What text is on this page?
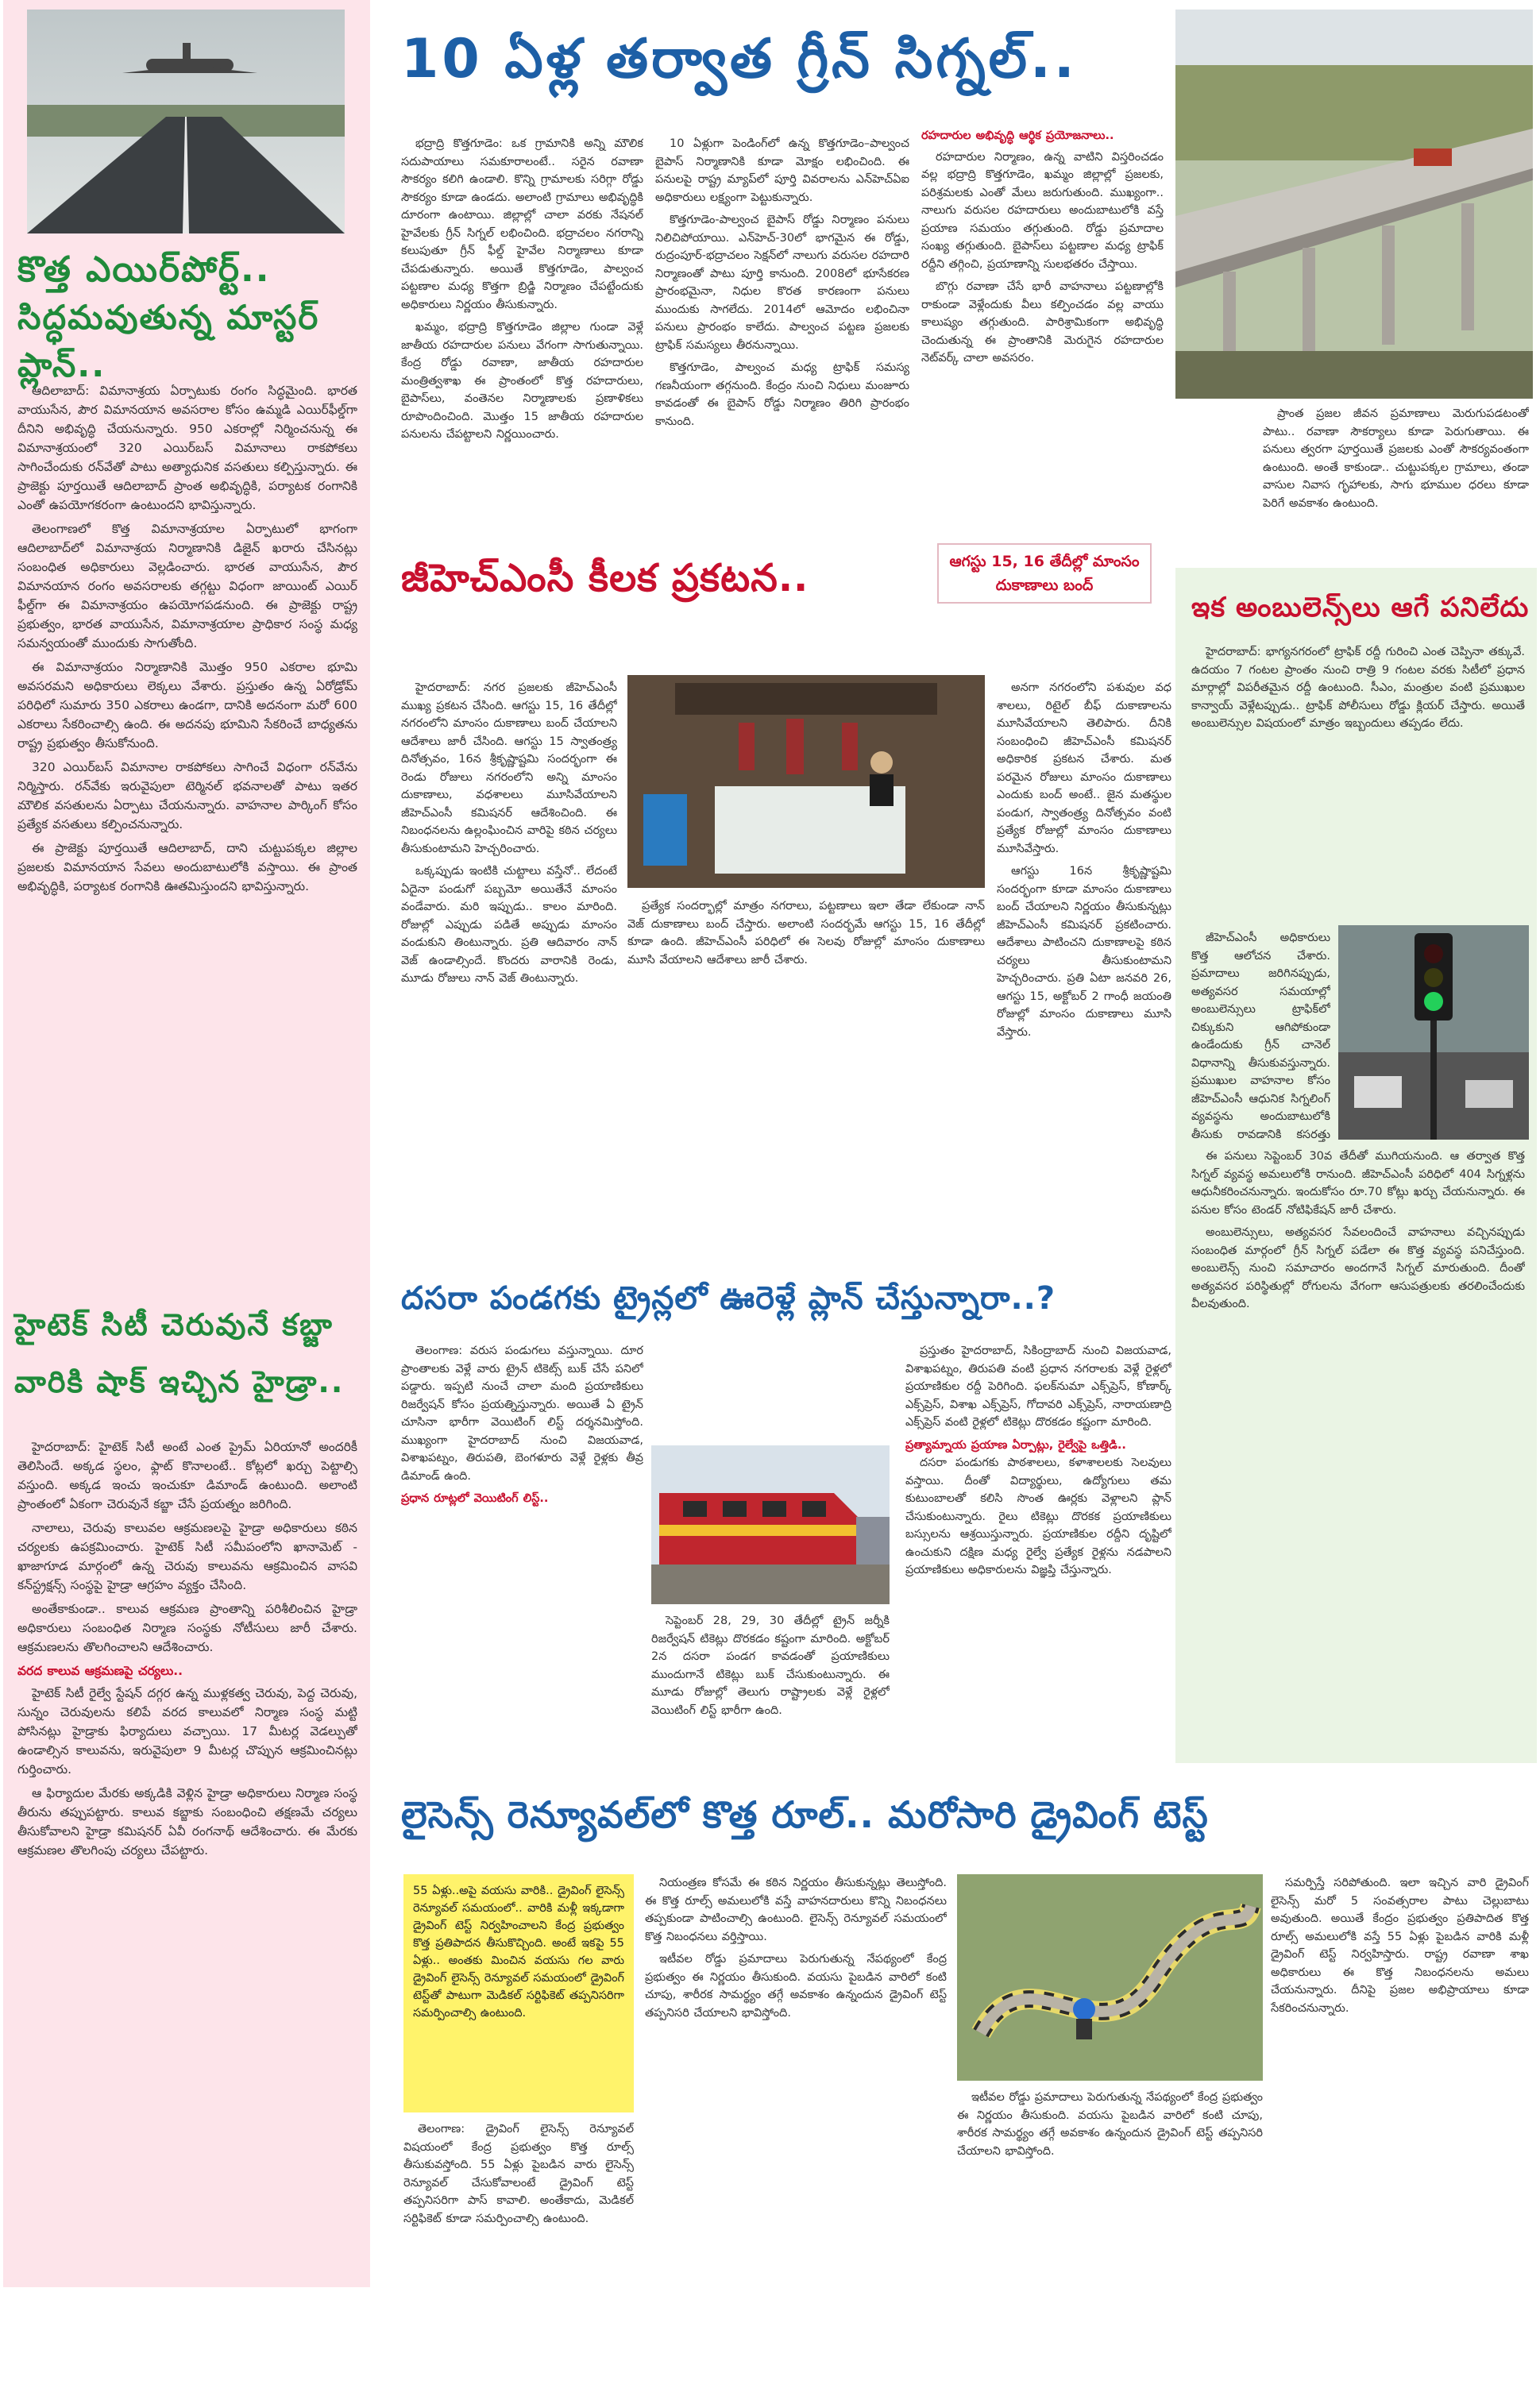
కొత్త ఎయిర్‌పోర్ట్..
సిద్ధమవుతున్న మాస్టర్ ప్లాన్..

ఆదిలాబాద్: విమానాశ్రయ ఏర్పాటుకు రంగం సిద్ధమైంది. భారత వాయుసేన, పౌర విమానయాన అవసరాల కోసం ఉమ్మడి ఎయిర్‌ఫీల్డ్‌గా దీనిని అభివృద్ధి చేయనున్నారు. 950 ఎకరాల్లో నిర్మించనున్న ఈ విమానాశ్రయంలో 320 ఎయిర్‌బస్ విమానాలు రాకపోకలు సాగించేందుకు రన్‌వేతో పాటు అత్యాధునిక వసతులు కల్పిస్తున్నారు. ఈ ప్రాజెక్టు పూర్తయితే ఆదిలాబాద్ ప్రాంత అభివృద్ధికి, పర్యాటక రంగానికి ఎంతో ఉపయోగకరంగా ఉంటుందని భావిస్తున్నారు.

తెలంగాణలో కొత్త విమానాశ్రయాల ఏర్పాటులో భాగంగా ఆదిలాబాద్‌లో విమానాశ్రయ నిర్మాణానికి డిజైన్ ఖరారు చేసినట్లు సంబంధిత అధికారులు వెల్లడించారు. భారత వాయుసేన, పౌర విమానయాన రంగం అవసరాలకు తగ్గట్టు విధంగా జాయింట్ ఎయిర్ ఫీల్డ్‌గా ఈ విమానాశ్రయం ఉపయోగపడనుంది. ఈ ప్రాజెక్టు రాష్ట్ర ప్రభుత్వం, భారత వాయుసేన, విమానాశ్రయాల ప్రాధికార సంస్థ మధ్య సమన్వయంతో ముందుకు సాగుతోంది.

ఈ విమానాశ్రయం నిర్మాణానికి మొత్తం 950 ఎకరాల భూమి అవసరమని అధికారులు లెక్కలు వేశారు. ప్రస్తుతం ఉన్న ఏరోడ్రోమ్ పరిధిలో సుమారు 350 ఎకరాలు ఉండగా, దానికి అదనంగా మరో 600 ఎకరాలు సేకరించాల్సి ఉంది. ఈ అదనపు భూమిని సేకరించే బాధ్యతను రాష్ట్ర ప్రభుత్వం తీసుకోనుంది.

320 ఎయిర్‌బస్ విమానాల రాకపోకలు సాగించే విధంగా రన్‌వేను నిర్మిస్తారు. రన్‌వేకు ఇరువైపులా టెర్మినల్ భవనాలతో పాటు ఇతర మౌలిక వసతులను ఏర్పాటు చేయనున్నారు. వాహనాల పార్కింగ్ కోసం ప్రత్యేక వసతులు కల్పించనున్నారు.

ఈ ప్రాజెక్టు పూర్తయితే ఆదిలాబాద్, దాని చుట్టుపక్కల జిల్లాల ప్రజలకు విమానయాన సేవలు అందుబాటులోకి వస్తాయి. ఈ ప్రాంత అభివృద్ధికి, పర్యాటక రంగానికి ఊతమిస్తుందని భావిస్తున్నారు.

హైటెక్ సిటీ చెరువునే కబ్జా
వారికి షాక్ ఇచ్చిన హైడ్రా..

హైదరాబాద్: హైటెక్ సిటీ అంటే ఎంత ప్రైమ్ ఏరియానో అందరికీ తెలిసిందే. అక్కడ స్థలం, ఫ్లాట్ కొనాలంటే.. కోట్లలో ఖర్చు పెట్టాల్సి వస్తుంది. అక్కడ ఇంచు ఇంచుకూ డిమాండ్ ఉంటుంది. అలాంటి ప్రాంతంలో ఏకంగా చెరువునే కబ్జా చేసే ప్రయత్నం జరిగింది.

నాలాలు, చెరువు కాలువల ఆక్రమణలపై హైడ్రా అధికారులు కఠిన చర్యలకు ఉపక్రమించారు. హైటెక్ సిటీ సమీపంలోని ఖానామెట్ - ఖాజాగూడ మార్గంలో ఉన్న చెరువు కాలువను ఆక్రమించిన వాసవి కన్‌స్ట్రక్షన్స్ సంస్థపై హైడ్రా ఆగ్రహం వ్యక్తం చేసింది.

అంతేకాకుండా.. కాలువ ఆక్రమణ ప్రాంతాన్ని పరిశీలించిన హైడ్రా అధికారులు సంబంధిత నిర్మాణ సంస్థకు నోటీసులు జారీ చేశారు. ఆక్రమణలను తొలగించాలని ఆదేశించారు.

వరద కాలువ ఆక్రమణపై చర్యలు..

హైటెక్ సిటీ రైల్వే స్టేషన్ దగ్గర ఉన్న ముళ్లకత్వ చెరువు, పెద్ద చెరువు, సున్నం చెరువులను కలిపే వరద కాలువలో నిర్మాణ సంస్థ మట్టి పోసినట్లు హైడ్రాకు ఫిర్యాదులు వచ్చాయి. 17 మీటర్ల వెడల్పుతో ఉండాల్సిన కాలువను, ఇరువైపులా 9 మీటర్ల చొప్పున ఆక్రమించినట్లు గుర్తించారు.

ఆ ఫిర్యాదుల మేరకు అక్కడికి వెళ్లిన హైడ్రా అధికారులు నిర్మాణ సంస్థ తీరును తప్పుపట్టారు. కాలువ కబ్జాకు సంబంధించి తక్షణమే చర్యలు తీసుకోవాలని హైడ్రా కమిషనర్ ఏవీ రంగనాథ్ ఆదేశించారు. ఈ మేరకు ఆక్రమణల తొలగింపు చర్యలు చేపట్టారు.

10 ఏళ్ల తర్వాత గ్రీన్ సిగ్నల్..

భద్రాద్రి కొత్తగూడెం: ఒక గ్రామానికి అన్ని మౌలిక సదుపాయాలు సమకూరాలంటే.. సరైన రవాణా సౌకర్యం కలిగి ఉండాలి. కొన్ని గ్రామాలకు సరిగ్గా రోడ్డు సౌకర్యం కూడా ఉండదు. అలాంటి గ్రామాలు అభివృద్ధికి దూరంగా ఉంటాయి. జిల్లాల్లో చాలా వరకు నేషనల్ హైవేలకు గ్రీన్ సిగ్నల్ లభించింది. భద్రాచలం నగరాన్ని కలుపుతూ గ్రీన్ ఫీల్డ్ హైవేల నిర్మాణాలు కూడా చేపడుతున్నారు. అయితే కొత్తగూడెం, పాల్వంచ పట్టణాల మధ్య కొత్తగా బ్రిడ్జి నిర్మాణం చేపట్టేందుకు అధికారులు నిర్ణయం తీసుకున్నారు.

ఖమ్మం, భద్రాద్రి కొత్తగూడెం జిల్లాల గుండా వెళ్లే జాతీయ రహదారుల పనులు వేగంగా సాగుతున్నాయి. కేంద్ర రోడ్డు రవాణా, జాతీయ రహదారుల మంత్రిత్వశాఖ ఈ ప్రాంతంలో కొత్త రహదారులు, బైపాస్‌లు, వంతెనల నిర్మాణాలకు ప్రణాళికలు రూపొందించింది. మొత్తం 15 జాతీయ రహదారుల పనులను చేపట్టాలని నిర్ణయించారు.

10 ఏళ్లుగా పెండింగ్‌లో ఉన్న కొత్తగూడెం–పాల్వంచ బైపాస్ నిర్మాణానికి కూడా మోక్షం లభించింది. ఈ పనులపై రాష్ట్ర మ్యాప్‌లో పూర్తి వివరాలను ఎన్‌హెచ్ఏఐ అధికారులు లక్ష్యంగా పెట్టుకున్నారు.

కొత్తగూడెం-పాల్వంచ బైపాస్ రోడ్డు నిర్మాణం పనులు నిలిచిపోయాయి. ఎన్‌హెచ్-30లో భాగమైన ఈ రోడ్డు, రుద్రంపూర్-భద్రాచలం సెక్షన్‌లో నాలుగు వరుసల రహదారి నిర్మాణంతో పాటు పూర్తి కానుంది. 2008లో భూసేకరణ ప్రారంభమైనా, నిధుల కొరత కారణంగా పనులు ముందుకు సాగలేదు. 2014లో ఆమోదం లభించినా పనులు ప్రారంభం కాలేదు. పాల్వంచ పట్టణ ప్రజలకు ట్రాఫిక్ సమస్యలు తీరనున్నాయి.

కొత్తగూడెం, పాల్వంచ మధ్య ట్రాఫిక్ సమస్య గణనీయంగా తగ్గనుంది. కేంద్రం నుంచి నిధులు మంజూరు కావడంతో ఈ బైపాస్ రోడ్డు నిర్మాణం తిరిగి ప్రారంభం కానుంది.

రహదారుల అభివృద్ధి ఆర్థిక ప్రయోజనాలు..

రహదారుల నిర్మాణం, ఉన్న వాటిని విస్తరించడం వల్ల భద్రాద్రి కొత్తగూడెం, ఖమ్మం జిల్లాల్లో ప్రజలకు, పరిశ్రమలకు ఎంతో మేలు జరుగుతుంది. ముఖ్యంగా.. నాలుగు వరుసల రహదారులు అందుబాటులోకి వస్తే ప్రయాణ సమయం తగ్గుతుంది. రోడ్డు ప్రమాదాల సంఖ్య తగ్గుతుంది. బైపాస్‌లు పట్టణాల మధ్య ట్రాఫిక్ రద్దీని తగ్గించి, ప్రయాణాన్ని సులభతరం చేస్తాయి.

బొగ్గు రవాణా చేసే భారీ వాహనాలు పట్టణాల్లోకి రాకుండా వెళ్లేందుకు వీలు కల్పించడం వల్ల వాయు కాలుష్యం తగ్గుతుంది. పారిశ్రామికంగా అభివృద్ధి చెందుతున్న ఈ ప్రాంతానికి మెరుగైన రహదారుల నెట్‌వర్క్ చాలా అవసరం.

ప్రాంత ప్రజల జీవన ప్రమాణాలు మెరుగుపడటంతో పాటు.. రవాణా సౌకర్యాలు కూడా పెరుగుతాయి. ఈ పనులు త్వరగా పూర్తయితే ప్రజలకు ఎంతో సౌకర్యవంతంగా ఉంటుంది. అంతే కాకుండా.. చుట్టుపక్కల గ్రామాలు, తండా వాసుల నివాస గృహాలకు, సాగు భూముల ధరలు కూడా పెరిగే అవకాశం ఉంటుంది.

జీహెచ్ఎంసీ కీలక ప్రకటన..	ఆగస్టు 15, 16 తేదీల్లో మాంసం దుకాణాలు బంద్

హైదరాబాద్: నగర ప్రజలకు జీహెచ్ఎంసీ ముఖ్య ప్రకటన చేసింది. ఆగస్టు 15, 16 తేదీల్లో నగరంలోని మాంసం దుకాణాలు బంద్ చేయాలని ఆదేశాలు జారీ చేసింది. ఆగస్టు 15 స్వాతంత్ర్య దినోత్సవం, 16న శ్రీకృష్ణాష్టమి సందర్భంగా ఈ రెండు రోజులు నగరంలోని అన్ని మాంసం దుకాణాలు, వధశాలలు మూసివేయాలని జీహెచ్ఎంసీ కమిషనర్ ఆదేశించింది. ఈ నిబంధనలను ఉల్లంఘించిన వారిపై కఠిన చర్యలు తీసుకుంటామని హెచ్చరించారు.

ఒక్కప్పుడు ఇంటికి చుట్టాలు వస్తేనో.. లేదంటే ఏదైనా పండుగో పబ్బమో అయితేనే మాంసం వండేవారు. మరి ఇప్పుడు.. కాలం మారింది. రోజుల్లో ఎప్పుడు పడితే అప్పుడు మాంసం వండుకుని తింటున్నారు. ప్రతి ఆదివారం నాన్ వెజ్ ఉండాల్సిందే. కొందరు వారానికి రెండు, మూడు రోజులు నాన్ వెజ్ తింటున్నారు.

ప్రత్యేక సందర్భాల్లో మాత్రం నగరాలు, పట్టణాలు ఇలా తేడా లేకుండా నాన్ వెజ్ దుకాణాలు బంద్ చేస్తారు. అలాంటి సందర్భమే ఆగస్టు 15, 16 తేదీల్లో కూడా ఉంది. జీహెచ్ఎంసీ పరిధిలో ఈ సెలవు రోజుల్లో మాంసం దుకాణాలు మూసి వేయాలని ఆదేశాలు జారీ చేశారు.

అనగా నగరంలోని పశువుల వధ శాలలు, రిటైల్ బీఫ్ దుకాణాలను మూసివేయాలని తెలిపారు. దీనికి సంబంధించి జీహెచ్ఎంసీ కమిషనర్ అధికారిక ప్రకటన చేశారు. మత పరమైన రోజులు మాంసం దుకాణాలు ఎందుకు బంద్ అంటే.. జైన మతస్థుల పండుగ, స్వాతంత్ర్య దినోత్సవం వంటి ప్రత్యేక రోజుల్లో మాంసం దుకాణాలు మూసివేస్తారు.

ఆగస్టు 16న శ్రీకృష్ణాష్టమి సందర్భంగా కూడా మాంసం దుకాణాలు బంద్ చేయాలని నిర్ణయం తీసుకున్నట్లు జీహెచ్ఎంసీ కమిషనర్ ప్రకటించారు. ఆదేశాలు పాటించని దుకాణాలపై కఠిన చర్యలు తీసుకుంటామని హెచ్చరించారు. ప్రతి ఏటా జనవరి 26, ఆగస్టు 15, అక్టోబర్ 2 గాంధీ జయంతి రోజుల్లో మాంసం దుకాణాలు మూసి వేస్తారు.

ఇక అంబులెన్స్‌లు ఆగే పనిలేదు

హైదరాబాద్: భాగ్యనగరంలో ట్రాఫిక్ రద్దీ గురించి ఎంత చెప్పినా తక్కువే. ఉదయం 7 గంటల ప్రాంతం నుంచి రాత్రి 9 గంటల వరకు సిటీలో ప్రధాన మార్గాల్లో విపరీతమైన రద్దీ ఉంటుంది. సీఎం, మంత్రుల వంటి ప్రముఖుల కాన్వాయ్ వెళ్లేటప్పుడు.. ట్రాఫిక్ పోలీసులు రోడ్డు క్లియర్ చేస్తారు. అయితే అంబులెన్సుల విషయంలో మాత్రం ఇబ్బందులు తప్పడం లేదు.

జీహెచ్ఎంసీ అధికారులు కొత్త ఆలోచన చేశారు. ప్రమాదాలు జరిగినప్పుడు, అత్యవసర సమయాల్లో అంబులెన్సులు ట్రాఫిక్‌లో చిక్కుకుని ఆగిపోకుండా ఉండేందుకు గ్రీన్ చానెల్ విధానాన్ని తీసుకువస్తున్నారు. ప్రముఖుల వాహనాల కోసం జీహెచ్ఎంసీ ఆధునిక సిగ్నలింగ్ వ్యవస్థను అందుబాటులోకి తీసుకు రావడానికి కసరత్తు

ఈ పనులు సెప్టెంబర్ 30వ తేదీతో ముగియనుంది. ఆ తర్వాత కొత్త సిగ్నల్ వ్యవస్థ అమలులోకి రానుంది. జీహెచ్ఎంసీ పరిధిలో 404 సిగ్నళ్లను ఆధునీకరించనున్నారు. ఇందుకోసం రూ.70 కోట్లు ఖర్చు చేయనున్నారు. ఈ పనుల కోసం టెండర్ నోటిఫికేషన్ జారీ చేశారు.

అంబులెన్సులు, అత్యవసర సేవలందించే వాహనాలు వచ్చినప్పుడు సంబంధిత మార్గంలో గ్రీన్ సిగ్నల్ పడేలా ఈ కొత్త వ్యవస్థ పనిచేస్తుంది. అంబులెన్స్ నుంచి సమాచారం అందగానే సిగ్నల్ మారుతుంది. దీంతో అత్యవసర పరిస్థితుల్లో రోగులను వేగంగా ఆసుపత్రులకు తరలించేందుకు వీలవుతుంది.

దసరా పండగకు ట్రైన్లలో ఊరెళ్లే ప్లాన్ చేస్తున్నారా..?

తెలంగాణ: వరుస పండుగలు వస్తున్నాయి. దూర ప్రాంతాలకు వెళ్లే వారు ట్రైన్ టికెట్స్ బుక్ చేసే పనిలో పడ్డారు. ఇప్పటి నుంచే చాలా మంది ప్రయాణికులు రిజర్వేషన్ కోసం ప్రయత్నిస్తున్నారు. అయితే ఏ ట్రైన్ చూసినా భారీగా వెయిటింగ్ లిస్ట్ దర్శనమిస్తోంది. ముఖ్యంగా హైదరాబాద్ నుంచి విజయవాడ, విశాఖపట్నం, తిరుపతి, బెంగళూరు వెళ్లే రైళ్లకు తీవ్ర డిమాండ్ ఉంది.

ప్రధాన రూట్లలో వెయిటింగ్ లిస్ట్..

సెప్టెంబర్ 28, 29, 30 తేదీల్లో ట్రైన్ జర్నీకి రిజర్వేషన్ టికెట్లు దొరకడం కష్టంగా మారింది. అక్టోబర్ 2న దసరా పండగ కావడంతో ప్రయాణికులు ముందుగానే టికెట్లు బుక్ చేసుకుంటున్నారు. ఈ మూడు రోజుల్లో తెలుగు రాష్ట్రాలకు వెళ్లే రైళ్లలో వెయిటింగ్ లిస్ట్ భారీగా ఉంది.

ప్రస్తుతం హైదరాబాద్, సికింద్రాబాద్ నుంచి విజయవాడ, విశాఖపట్నం, తిరుపతి వంటి ప్రధాన నగరాలకు వెళ్లే రైళ్లలో ప్రయాణికుల రద్దీ పెరిగింది. ఫలక్‌నుమా ఎక్స్‌ప్రెస్, కోణార్క్ ఎక్స్‌ప్రెస్, విశాఖ ఎక్స్‌ప్రెస్, గోదావరి ఎక్స్‌ప్రెస్, నారాయణాద్రి ఎక్స్‌ప్రెస్ వంటి రైళ్లలో టికెట్లు దొరకడం కష్టంగా మారింది.

ప్రత్యామ్నాయ ప్రయాణ ఏర్పాట్లు, రైల్వేపై ఒత్తిడి..

దసరా పండుగకు పాఠశాలలు, కళాశాలలకు సెలవులు వస్తాయి. దీంతో విద్యార్థులు, ఉద్యోగులు తమ కుటుంబాలతో కలిసి సొంత ఊర్లకు వెళ్లాలని ప్లాన్ చేసుకుంటున్నారు. రైలు టికెట్లు దొరకక ప్రయాణికులు బస్సులను ఆశ్రయిస్తున్నారు. ప్రయాణికుల రద్దీని దృష్టిలో ఉంచుకుని దక్షిణ మధ్య రైల్వే ప్రత్యేక రైళ్లను నడపాలని ప్రయాణికులు అధికారులను విజ్ఞప్తి చేస్తున్నారు.

లైసెన్స్ రెన్యూవల్‌లో కొత్త రూల్.. మరోసారి డ్రైవింగ్ టెస్ట్
55 ఏళ్లు..అపై వయసు వారికి.. డ్రైవింగ్ లైసెన్స్ రెన్యూవల్ సమయంలో.. వారికి మళ్లీ ఇక్కడాగా డ్రైవింగ్ టెస్ట్ నిర్వహించాలని కేంద్ర ప్రభుత్వం కొత్త ప్రతిపాదన తీసుకొచ్చింది. అంటే ఇకపై 55 ఏళ్లు.. అంతకు మించిన వయసు గల వారు డ్రైవింగ్ లైసెన్స్ రెన్యూవల్ సమయంలో డ్రైవింగ్ టెస్ట్‌తో పాటుగా మెడికల్ సర్టిఫికెట్ తప్పనిసరిగా సమర్పించాల్సి ఉంటుంది.

తెలంగాణ: డ్రైవింగ్ లైసెన్స్ రెన్యూవల్ విషయంలో కేంద్ర ప్రభుత్వం కొత్త రూల్స్ తీసుకువస్తోంది. 55 ఏళ్లు పైబడిన వారు లైసెన్స్ రెన్యూవల్ చేసుకోవాలంటే డ్రైవింగ్ టెస్ట్ తప్పనిసరిగా పాస్ కావాలి. అంతేకాదు, మెడికల్ సర్టిఫికెట్ కూడా సమర్పించాల్సి ఉంటుంది.

నియంత్రణ కోసమే ఈ కఠిన నిర్ణయం తీసుకున్నట్లు తెలుస్తోంది. ఈ కొత్త రూల్స్ అమలులోకి వస్తే వాహనదారులు కొన్ని నిబంధనలు తప్పకుండా పాటించాల్సి ఉంటుంది. లైసెన్స్ రెన్యూవల్ సమయంలో కొత్త నిబంధనలు వర్తిస్తాయి.

ఇటీవల రోడ్డు ప్రమాదాలు పెరుగుతున్న నేపథ్యంలో కేంద్ర ప్రభుత్వం ఈ నిర్ణయం తీసుకుంది. వయసు పైబడిన వారిలో కంటి చూపు, శారీరక సామర్థ్యం తగ్గే అవకాశం ఉన్నందున డ్రైవింగ్ టెస్ట్ తప్పనిసరి చేయాలని భావిస్తోంది.

ఇటీవల రోడ్డు ప్రమాదాలు పెరుగుతున్న నేపథ్యంలో కేంద్ర ప్రభుత్వం ఈ నిర్ణయం తీసుకుంది. వయసు పైబడిన వారిలో కంటి చూపు, శారీరక సామర్థ్యం తగ్గే అవకాశం ఉన్నందున డ్రైవింగ్ టెస్ట్ తప్పనిసరి చేయాలని భావిస్తోంది.

సమర్పిస్తే సరిపోతుంది. ఇలా ఇచ్చిన వారి డ్రైవింగ్ లైసెన్స్ మరో 5 సంవత్సరాల పాటు చెల్లుబాటు అవుతుంది. అయితే కేంద్రం ప్రభుత్వం ప్రతిపాదిత కొత్త రూల్స్ అమలులోకి వస్తే 55 ఏళ్లు పైబడిన వారికి మళ్లీ డ్రైవింగ్ టెస్ట్ నిర్వహిస్తారు. రాష్ట్ర రవాణా శాఖ అధికారులు ఈ కొత్త నిబంధనలను అమలు చేయనున్నారు. దీనిపై ప్రజల అభిప్రాయాలు కూడా సేకరించనున్నారు.
